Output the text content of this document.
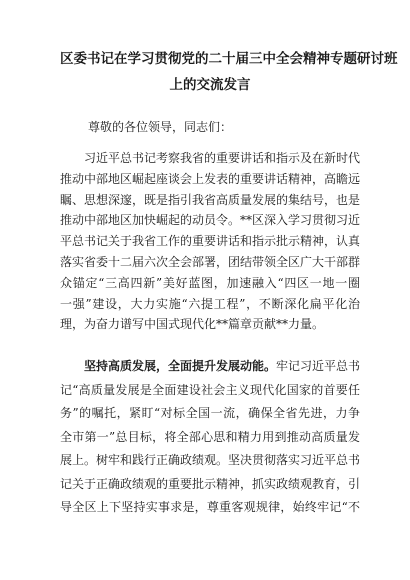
区委书记在学习贯彻党的二十届三中全会精神专题研讨班
上的交流发言
尊敬的各位领导，同志们：
习近平总书记考察我省的重要讲话和指示及在新时代
推动中部地区崛起座谈会上发表的重要讲话精神，高瞻远
瞩、思想深邃，既是指引我省高质量发展的集结号，也是
推动中部地区加快崛起的动员令。**区深入学习贯彻习近
平总书记关于我省工作的重要讲话和指示批示精神，认真
落实省委十二届六次全会部署，团结带领全区广大干部群
众锚定“三高四新”美好蓝图，加速融入“四区一地一圈
一强”建设，大力实施“六提工程”，不断深化扁平化治
理，为奋力谱写中国式现代化**篇章贡献**力量。
坚持高质发展，全面提升发展动能。牢记习近平总书
记“高质量发展是全面建设社会主义现代化国家的首要任
务”的嘱托，紧盯“对标全国一流，确保全省先进，力争
全市第一”总目标，将全部心思和精力用到推动高质量发
展上。树牢和践行正确政绩观。坚决贯彻落实习近平总书
记关于正确政绩观的重要批示精神，抓实政绩观教育，引
导全区上下坚持实事求是，尊重客观规律，始终牢记“不
